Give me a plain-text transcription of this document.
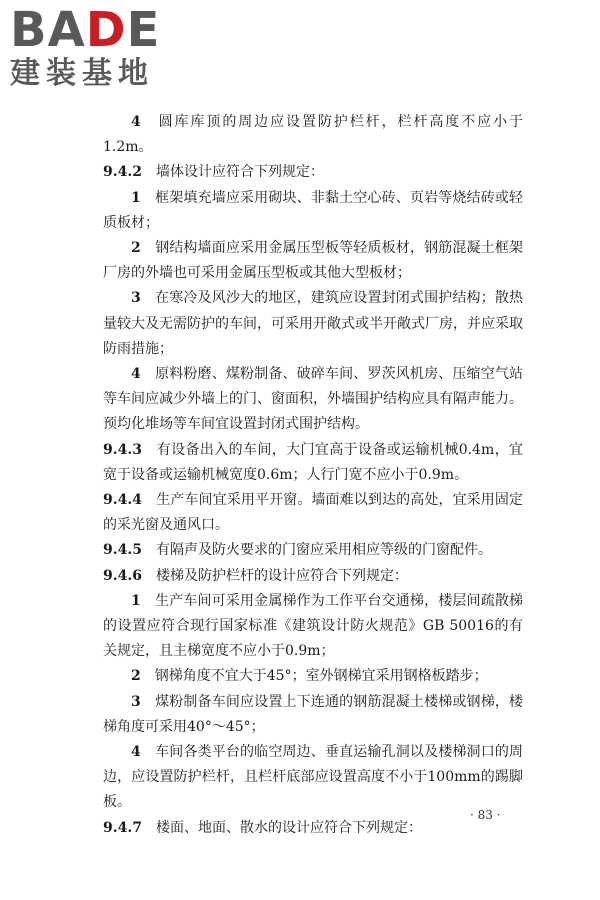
BADE
建装基地

4　 圆库库顶的周边应设置防护栏杆，栏杆高度不应小于1.2m。

9.4.2　 墙体设计应符合下列规定：

1　 框架填充墙应采用砌块、非黏土空心砖、页岩等烧结砖或轻质板材；

2　 钢结构墙面应采用金属压型板等轻质板材，钢筋混凝土框架厂房的外墙也可采用金属压型板或其他大型板材；

3　 在寒冷及风沙大的地区，建筑应设置封闭式围护结构；散热量较大及无需防护的车间，可采用开敞式或半开敞式厂房，并应采取防雨措施；

4　 原料粉磨、煤粉制备、破碎车间、罗茨风机房、压缩空气站等车间应减少外墙上的门、窗面积，外墙围护结构应具有隔声能力。预均化堆场等车间宜设置封闭式围护结构。

9.4.3　 有设备出入的车间，大门宜高于设备或运输机械0.4m，宜宽于设备或运输机械宽度0.6m；人行门宽不应小于0.9m。

9.4.4　 生产车间宜采用平开窗。墙面难以到达的高处，宜采用固定的采光窗及通风口。

9.4.5　 有隔声及防火要求的门窗应采用相应等级的门窗配件。

9.4.6　 楼梯及防护栏杆的设计应符合下列规定：

1　 生产车间可采用金属梯作为工作平台交通梯，楼层间疏散梯的设置应符合现行国家标准《建筑设计防火规范》GB 50016的有关规定，且主梯宽度不应小于0.9m；

2　 钢梯角度不宜大于45°；室外钢梯宜采用钢格板踏步；

3　 煤粉制备车间应设置上下连通的钢筋混凝土楼梯或钢梯，楼梯角度可采用40°～45°；

4　 车间各类平台的临空周边、垂直运输孔洞以及楼梯洞口的周边，应设置防护栏杆，且栏杆底部应设置高度不小于100mm的踢脚板。

9.4.7　 楼面、地面、散水的设计应符合下列规定：

· 83 ·
